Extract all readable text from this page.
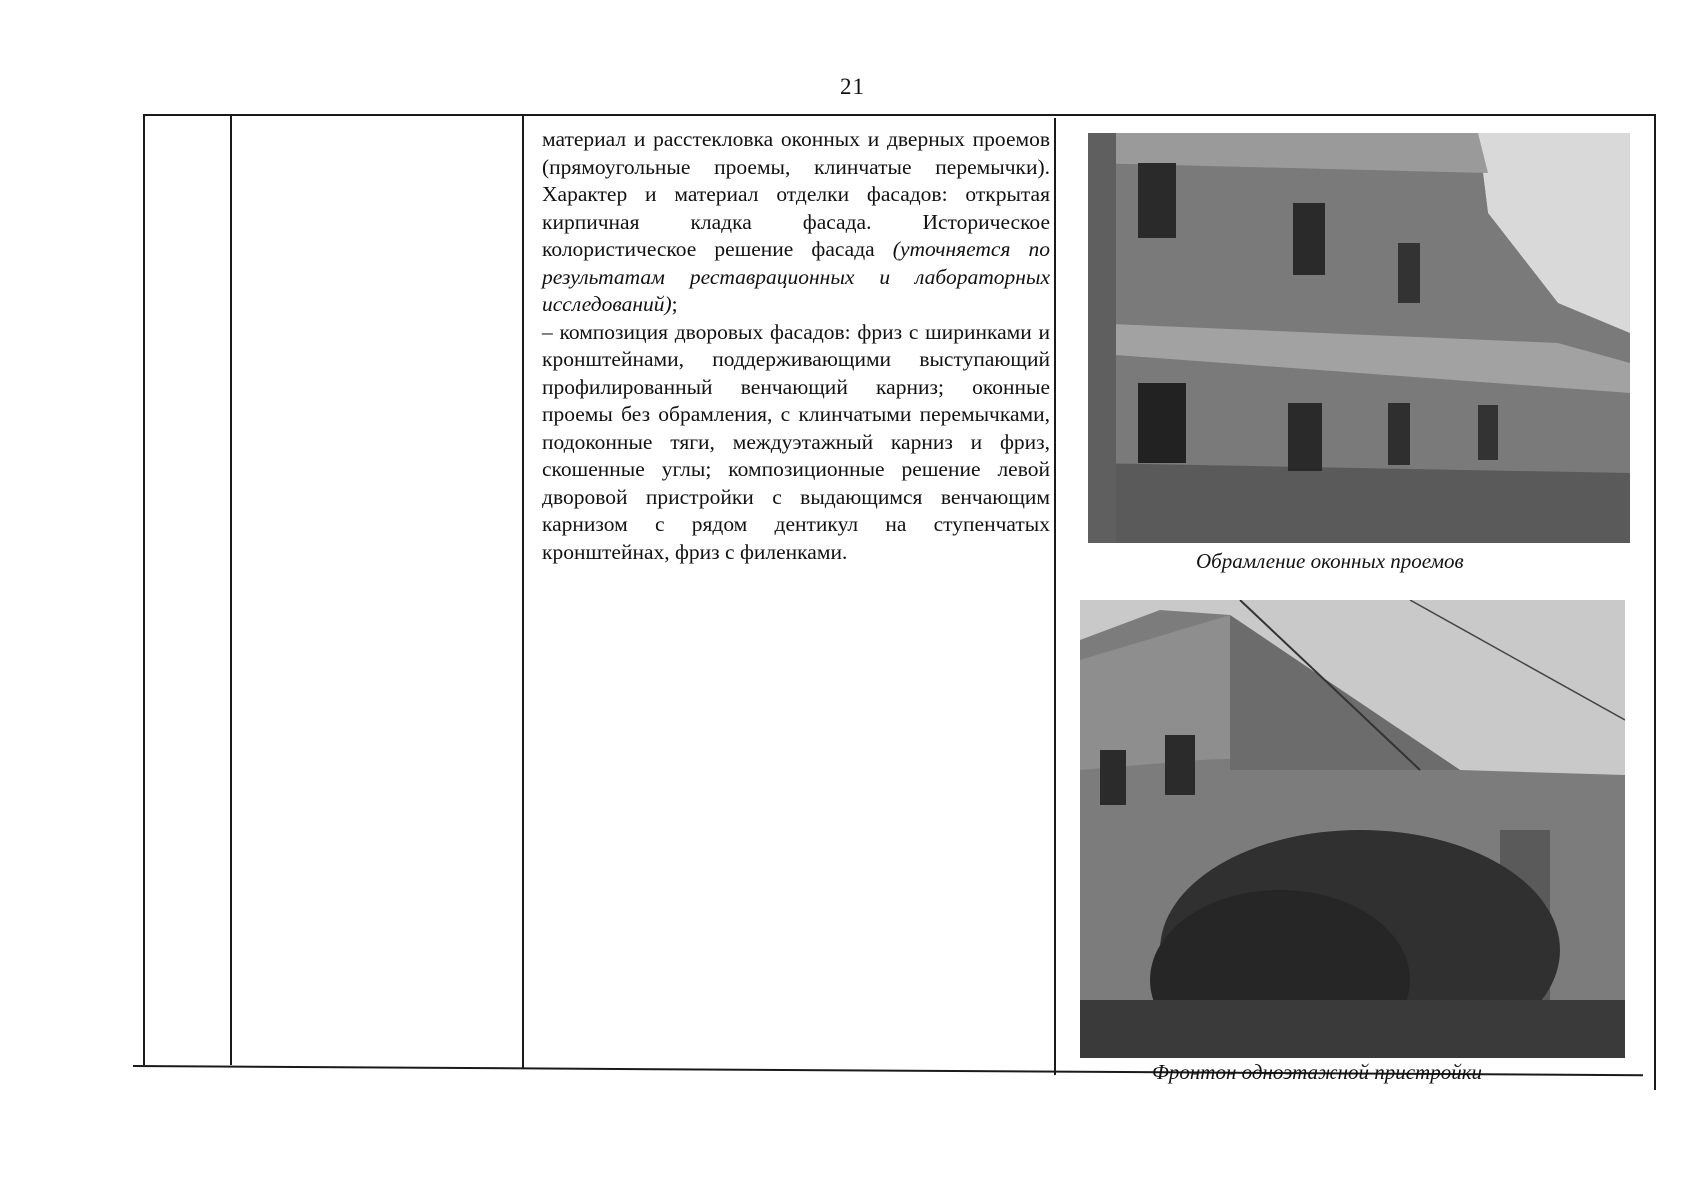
21

материал и расстекловка оконных и дверных проемов (прямоугольные проемы, клинчатые перемычки). Характер и материал отделки фасадов: открытая кирпичная кладка фасада. Историческое колористическое решение фасада (уточняется по результатам реставрационных и лабораторных исследований);

– композиция дворовых фасадов: фриз с ширинками и кронштейнами, поддерживающими выступающий профилированный венчающий карниз; оконные проемы без обрамления, с клинчатыми перемычками, подоконные тяги, междуэтажный карниз и фриз, скошенные углы; композиционные решение левой дворовой пристройки с выдающимся венчающим карнизом с рядом дентикул на ступенчатых кронштейнах, фриз с филенками.	Обрамление оконных проемов
Фронтон одноэтажной пристройки
